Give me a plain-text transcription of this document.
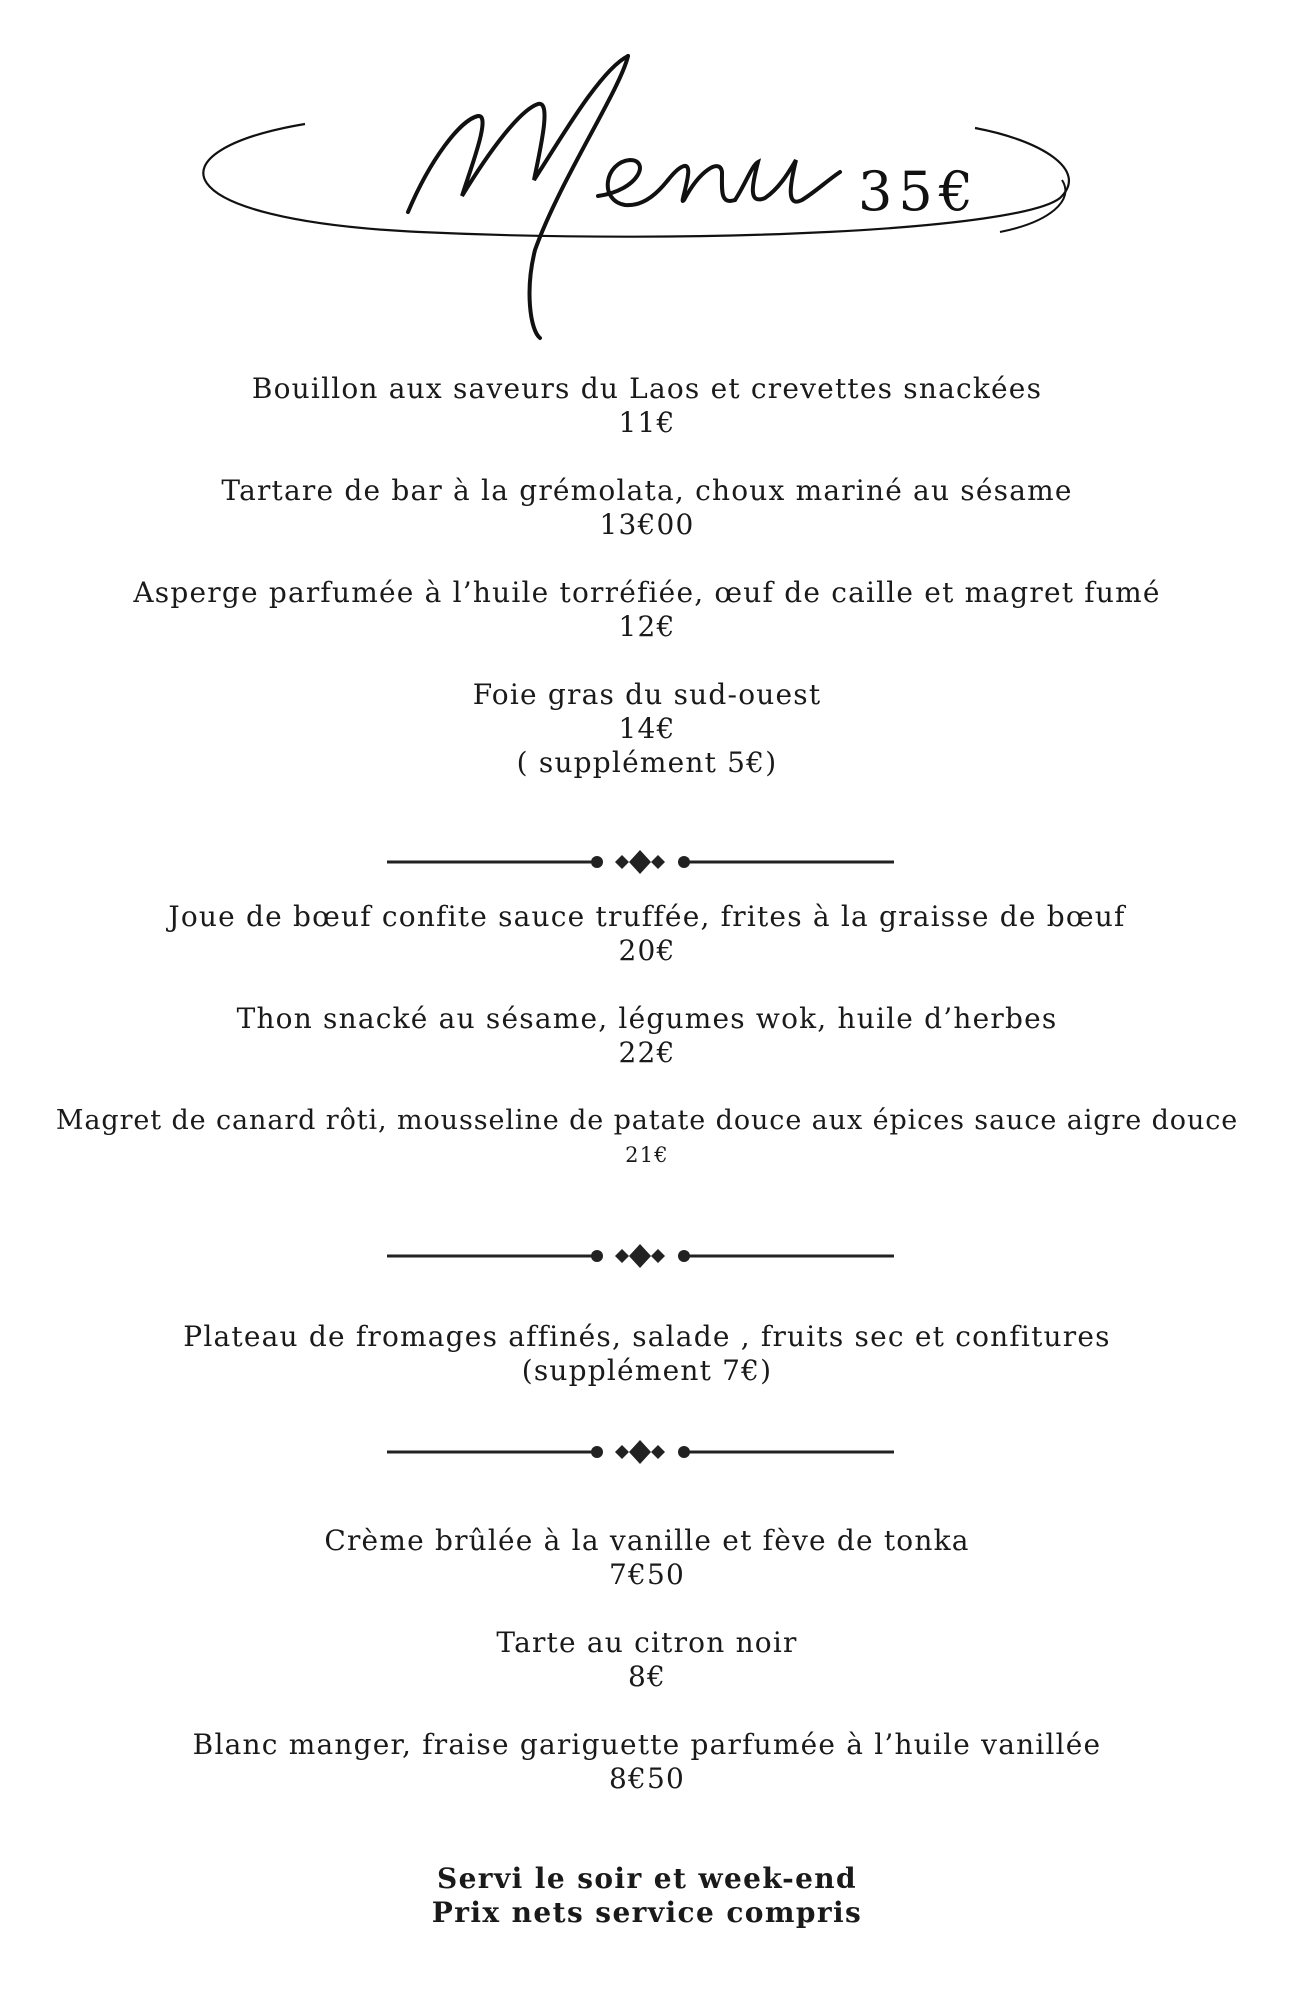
35€
Bouillon aux saveurs du Laos et crevettes snackées
11€
Tartare de bar à la grémolata, choux mariné au sésame
13€00
Asperge parfumée à l’huile torréfiée, œuf de caille et magret fumé
12€
Foie gras du sud-ouest
14€
( supplément 5€)
Joue de bœuf confite sauce truffée, frites à la graisse de bœuf
20€
Thon snacké au sésame, légumes wok, huile d’herbes
22€
Magret de canard rôti, mousseline de patate douce aux épices sauce aigre douce
21€
Plateau de fromages affinés, salade , fruits sec et confitures
(supplément 7€)
Crème brûlée à la vanille et fève de tonka
7€50
Tarte au citron noir
8€
Blanc manger, fraise gariguette parfumée à l’huile vanillée
8€50
Servi le soir et week-end
Prix nets service compris
